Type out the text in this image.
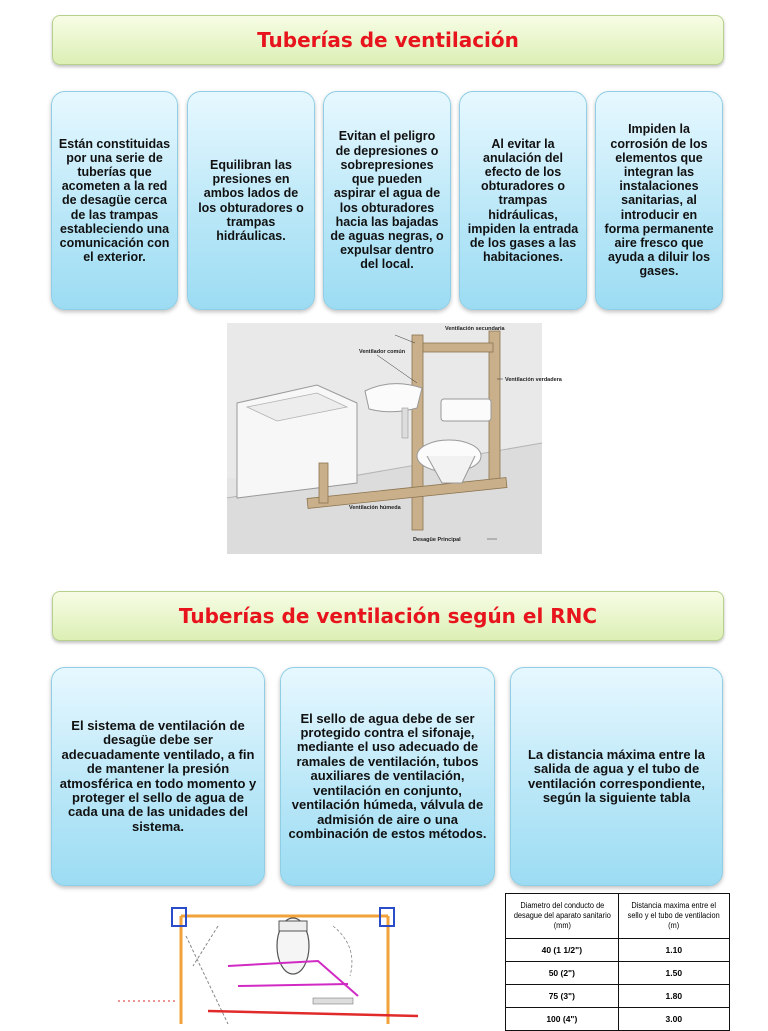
Tuberías de ventilación
Están constituidas por una serie de tuberías que acometen a la red de desagüe cerca de las trampas estableciendo una comunicación con el exterior.
Equilibran las presiones en ambos lados de los obturadores o trampas hidráulicas.
Evitan el peligro de depresiones o sobrepresiones que pueden aspirar el agua de los obturadores hacia las bajadas de aguas negras, o expulsar dentro del local.
Al evitar la anulación del efecto de los obturadores o trampas hidráulicas, impiden la entrada de los gases a las habitaciones.
Impiden la corrosión de los elementos que integran las instalaciones sanitarias, al introducir en forma permanente aire fresco que ayuda a diluir los gases.
Ventilación secundaria
Ventilador común
Ventilación verdadera
Ventilación húmeda
Desagüe Principal
Tuberías de ventilación según el RNC
El sistema de ventilación de desagüe debe ser adecuadamente ventilado, a fin de mantener la presión atmosférica en todo momento y proteger el sello de agua de cada una de las unidades del sistema.
El sello de agua debe de ser protegido contra el sifonaje, mediante el uso adecuado de ramales de ventilación, tubos auxiliares de ventilación, ventilación en conjunto, ventilación húmeda, válvula de admisión de aire o una combinación de estos métodos.
La distancia máxima entre la salida de agua y el tubo de ventilación correspondiente, según la siguiente tabla
Diametro del conducto de desague del aparato sanitario (mm)	Distancia maxima entre el sello y el tubo de ventilacion (m)
40 (1 1/2")	1.10
50 (2")	1.50
75 (3")	1.80
100 (4")	3.00
